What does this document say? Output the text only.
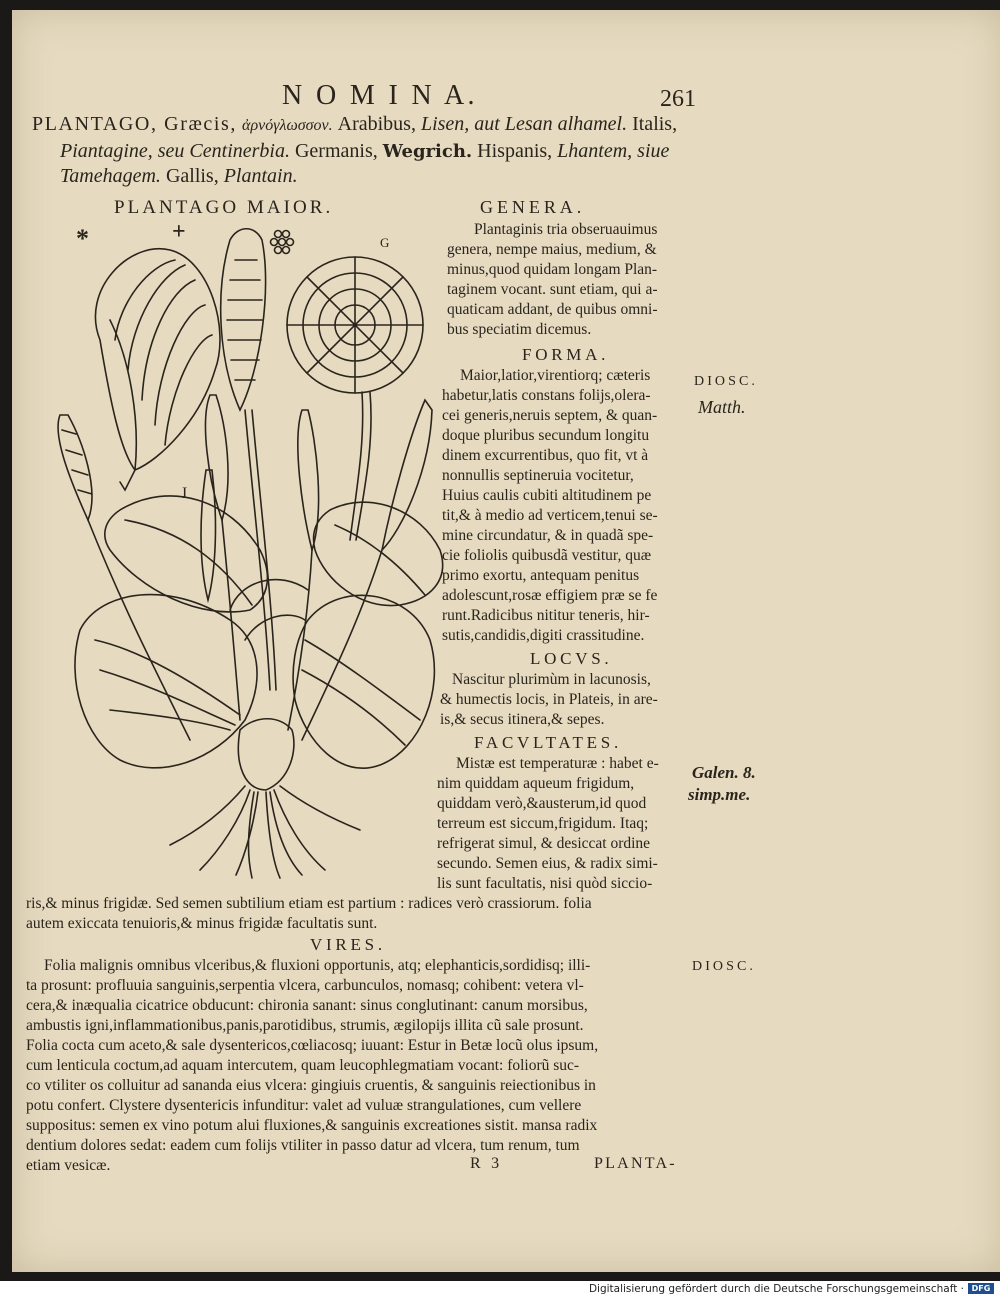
N O M I N A.	261
PLANTAGO, Græcis, ἀρνόγλωσσον. Arabibus, Lisen, aut Lesan alhamel. Italis,
Piantagine, seu Centinerbia. Germanis, Wegrich. Hispanis, Lhantem, siue
Tamehagem. Gallis, Plantain.
PLANTAGO MAIOR.
*	+
I
G
GENERA.
Plantaginis tria obseruauimus
genera, nempe maius, medium, &
minus,quod quidam longam Plan-
taginem vocant. sunt etiam, qui a-
quaticam addant, de quibus omni-
bus speciatim dicemus.
FORMA.
Maior,latior,virentiorq; cæteris
habetur,latis constans folijs,olera-
cei generis,neruis septem, & quan-
doque pluribus secundum longitu
dinem excurrentibus, quo fit, vt à
nonnullis septineruia vocitetur,
Huius caulis cubiti altitudinem pe
tit,& à medio ad verticem,tenui se-
mine circundatur, & in quadã spe-
cie foliolis quibusdã vestitur, quæ
primo exortu, antequam penitus
adolescunt,rosæ effigiem præ se fe
runt.Radicibus nititur teneris, hir-
sutis,candidis,digiti crassitudine.
LOCVS.
Nascitur plurimùm in lacunosis,
& humectis locis, in Plateis, in are-
is,& secus itinera,& sepes.
FACVLTATES.
Mistæ est temperaturæ : habet e-
nim quiddam aqueum frigidum,
quiddam verò,&austerum,id quod
terreum est siccum,frigidum. Itaq;
refrigerat simul, & desiccat ordine
secundo. Semen eius, & radix simi-
lis sunt facultatis, nisi quòd siccio-
ris,& minus frigidæ. Sed semen subtilium etiam est partium : radices verò crassiorum. folia
autem exiccata tenuioris,& minus frigidæ facultatis sunt.
VIRES.
Folia malignis omnibus vlceribus,& fluxioni opportunis, atq; elephanticis,sordidisq; illi-
ta prosunt: profluuia sanguinis,serpentia vlcera, carbunculos, nomasq; cohibent: vetera vl-
cera,& inæqualia cicatrice obducunt: chironia sanant: sinus conglutinant: canum morsibus,
ambustis igni,inflammationibus,panis,parotidibus, strumis, ægilopijs illita cũ sale prosunt.
Folia cocta cum aceto,& sale dysentericos,cœliacosq; iuuant: Estur in Betæ locũ olus ipsum,
cum lenticula coctum,ad aquam intercutem, quam leucophlegmatiam vocant: foliorũ suc-
co vtiliter os colluitur ad sananda eius vlcera: gingiuis cruentis, & sanguinis reiectionibus in
potu confert. Clystere dysentericis infunditur: valet ad vuluæ strangulationes, cum vellere
suppositus: semen ex vino potum alui fluxiones,& sanguinis excreationes sistit. mansa radix
dentium dolores sedat: eadem cum folijs vtiliter in passo datur ad vlcera, tum renum, tum
etiam vesicæ.	R 3	PLANTA-
DIOSC.
Matth.
Galen. 8.
simp.me.
DIOSC.
Digitalisierung gefördert durch die Deutsche Forschungsgemeinschaft · DFG
